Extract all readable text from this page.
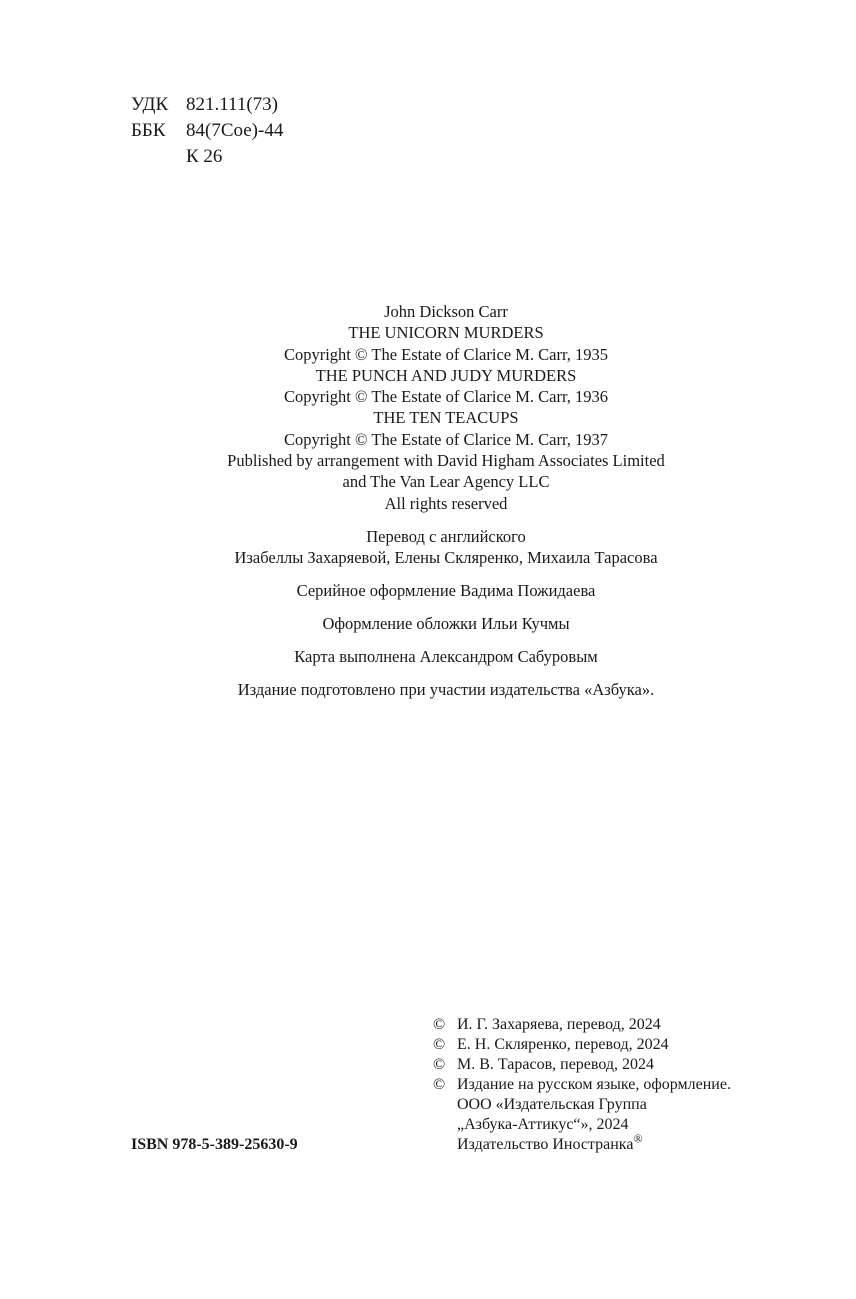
УДК 821.111(73)
ББК	84(7Сое)-44
К 26
John Dickson Carr
THE UNICORN MURDERS
Copyright © The Estate of Clarice M. Carr, 1935
THE PUNCH AND JUDY MURDERS
Copyright © The Estate of Clarice M. Carr, 1936
THE TEN TEACUPS
Copyright © The Estate of Clarice M. Carr, 1937
Published by arrangement with David Higham Associates Limited
and The Van Lear Agency LLC
All rights reserved
Перевод с английского
Изабеллы Захаряевой, Елены Скляренко, Михаила Тарасова
Серийное оформление Вадима Пожидаева
Оформление обложки Ильи Кучмы
Карта выполнена Александром Сабуровым
Издание подготовлено при участии издательства «Азбука».
© И. Г. Захаряева, перевод, 2024
© Е. Н. Скляренко, перевод, 2024
© М. В. Тарасов, перевод, 2024
© Издание на русском языке, оформление.
ООО «Издательская Группа
„Азбука-Аттикус“», 2024
Издательство Иностранка®
ISBN 978-5-389-25630-9
